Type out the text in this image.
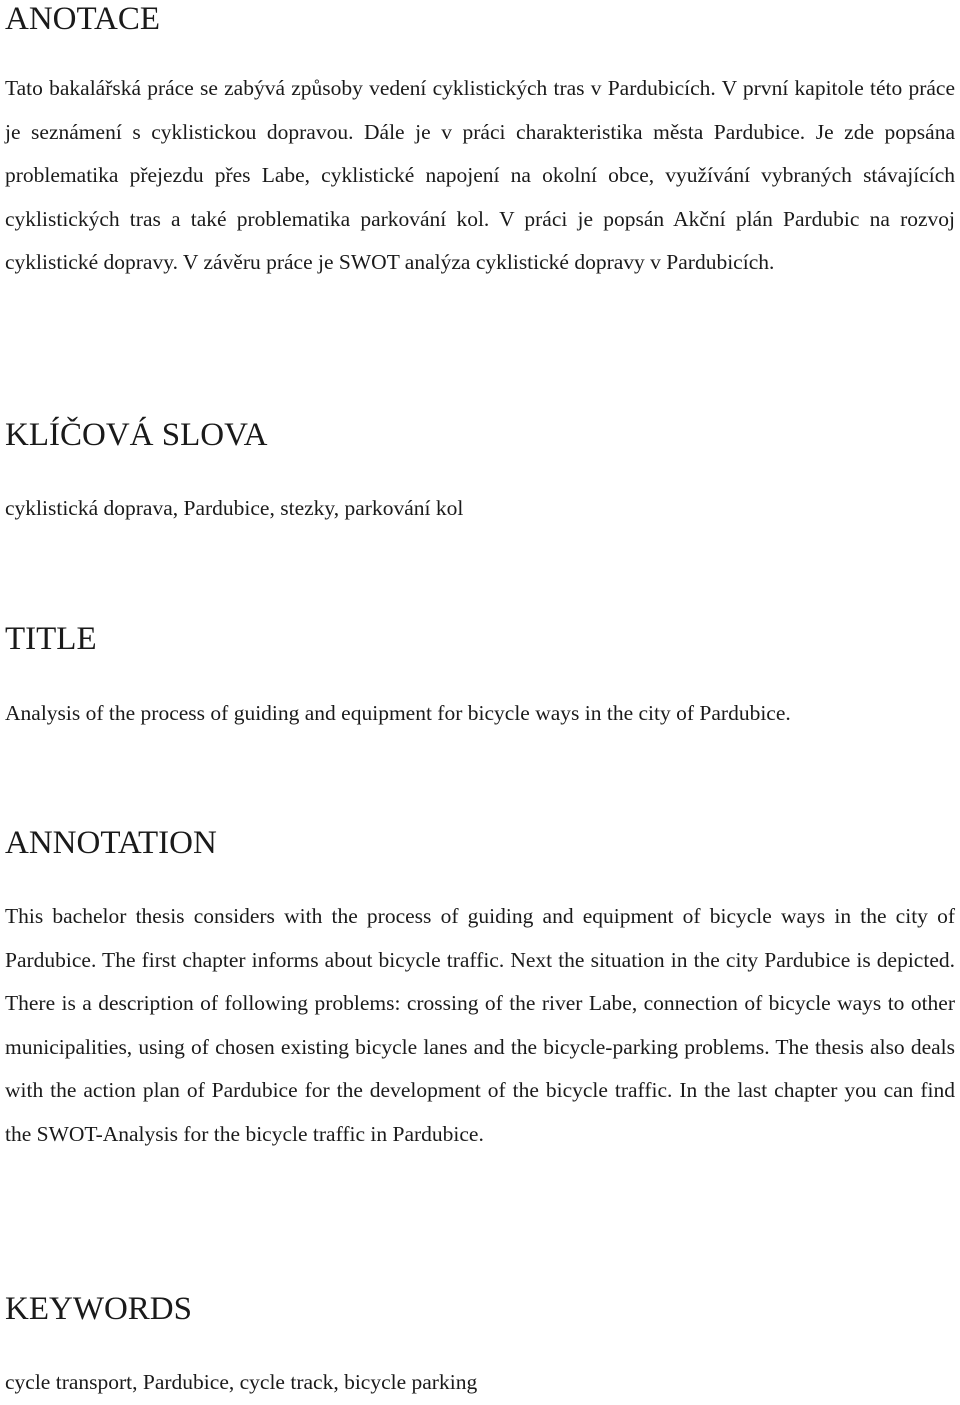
ANOTACE

Tato bakalářská práce se zabývá způsoby vedení cyklistických tras v Pardubicích. V první kapitole této práce je seznámení s cyklistickou dopravou. Dále je v práci charakteristika města Pardubice. Je zde popsána problematika přejezdu přes Labe, cyklistické napojení na okolní obce, využívání vybraných stávajících cyklistických tras a také problematika parkování kol. V práci je popsán Akční plán Pardubic na rozvoj cyklistické dopravy. V závěru práce je SWOT analýza cyklistické dopravy v Pardubicích.

KLÍČOVÁ SLOVA

cyklistická doprava, Pardubice, stezky, parkování kol

TITLE

Analysis of the process of guiding and equipment for bicycle ways in the city of Pardubice.

ANNOTATION

This bachelor thesis considers with the process of guiding and equipment of bicycle ways in the city of Pardubice. The first chapter informs about bicycle traffic. Next the situation in the city Pardubice is depicted. There is a description of following problems: crossing of the river Labe, connection of bicycle ways to other municipalities, using of chosen existing bicycle lanes and the bicycle-parking problems. The thesis also deals with the action plan of Pardubice for the development of the bicycle traffic. In the last chapter you can find the SWOT-Analysis for the bicycle traffic in Pardubice.

KEYWORDS

cycle transport, Pardubice, cycle track, bicycle parking
